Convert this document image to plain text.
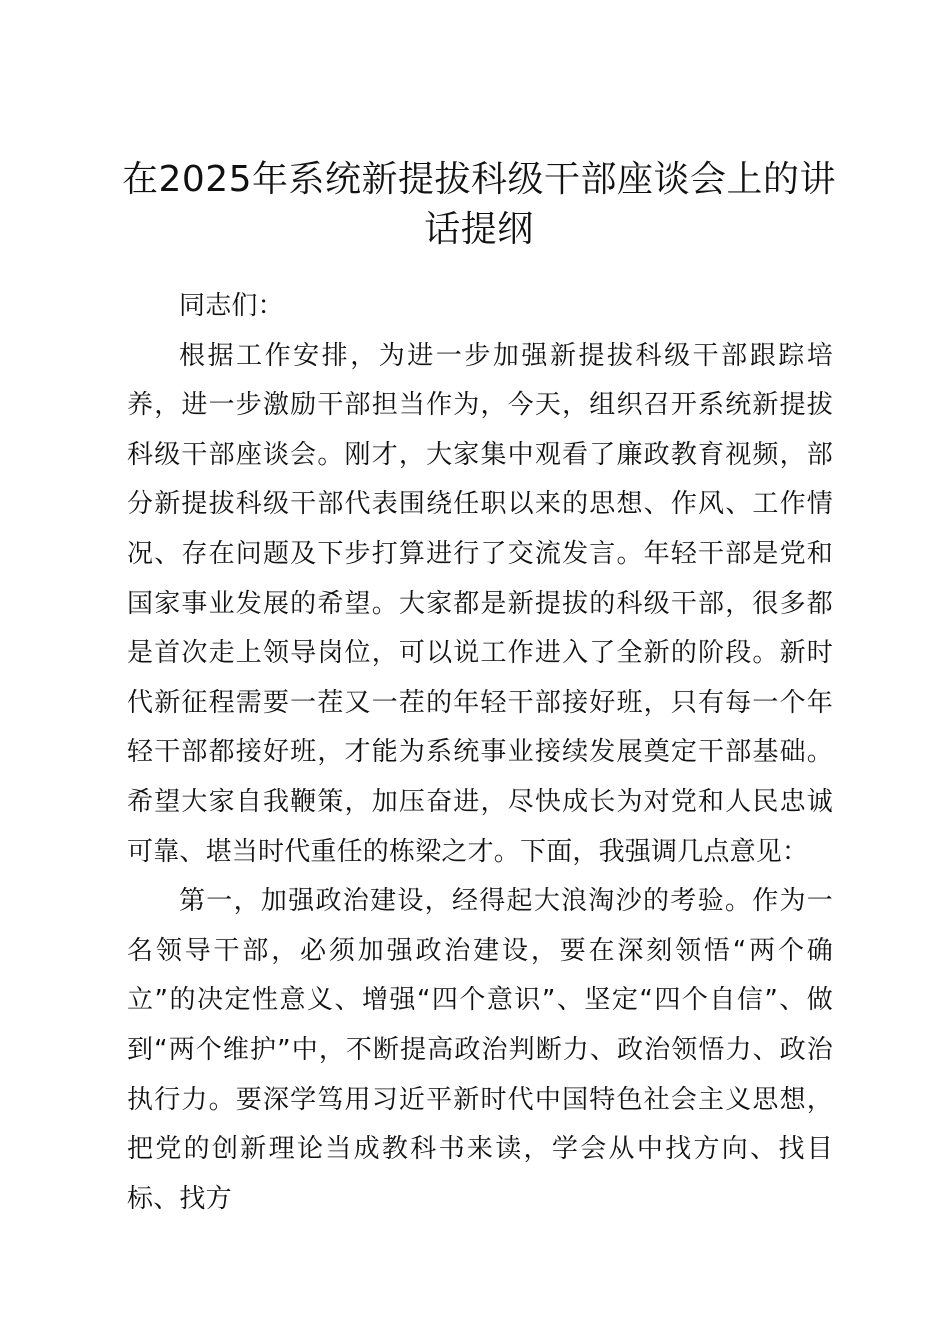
在2025年系统新提拔科级干部座谈会上的讲话提纲

同志们：

根据工作安排，为进一步加强新提拔科级干部跟踪培养，进一步激励干部担当作为，今天，组织召开系统新提拔科级干部座谈会。刚才，大家集中观看了廉政教育视频，部分新提拔科级干部代表围绕任职以来的思想、作风、工作情况、存在问题及下步打算进行了交流发言。年轻干部是党和国家事业发展的希望。大家都是新提拔的科级干部，很多都是首次走上领导岗位，可以说工作进入了全新的阶段。新时代新征程需要一茬又一茬的年轻干部接好班，只有每一个年轻干部都接好班，才能为系统事业接续发展奠定干部基础。希望大家自我鞭策，加压奋进，尽快成长为对党和人民忠诚可靠、堪当时代重任的栋梁之才。下面，我强调几点意见：

第一，加强政治建设，经得起大浪淘沙的考验。作为一名领导干部，必须加强政治建设，要在深刻领悟“两个确立”的决定性意义、增强“四个意识”、坚定“四个自信”、做到“两个维护”中，不断提高政治判断力、政治领悟力、政治执行力。要深学笃用习近平新时代中国特色社会主义思想，把党的创新理论当成教科书来读，学会从中找方向、找目标、找方
